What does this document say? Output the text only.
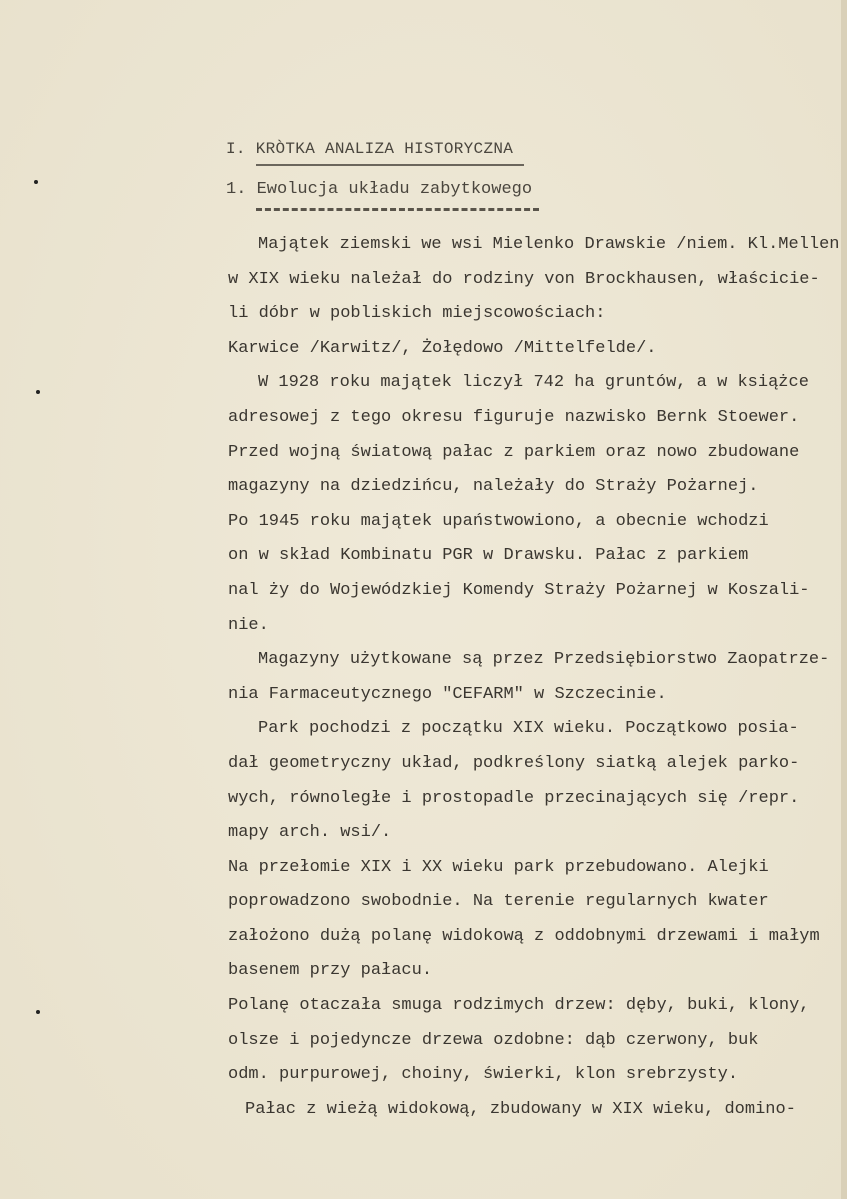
I. KRÒTKA ANALIZA HISTORYCZNA
1. Ewolucja układu zabytkowego
Majątek ziemski we wsi Mielenko Drawskie /niem. Kl.Mellen
w XIX wieku należał do rodziny von Brockhausen, właścicie-
li dóbr w pobliskich miejscowościach:
Karwice /Karwitz/, Żołędowo /Mittelfelde/.
W 1928 roku majątek liczył 742 ha gruntów, a w książce
adresowej z tego okresu figuruje nazwisko Bernk Stoewer.
Przed wojną światową pałac z parkiem oraz nowo zbudowane
magazyny na dziedzińcu, należały do Straży Pożarnej.
Po 1945 roku majątek upaństwowiono, a obecnie wchodzi
on w skład Kombinatu PGR w Drawsku. Pałac z parkiem
nal ży do Wojewódzkiej Komendy Straży Pożarnej w Koszali-
nie.
Magazyny użytkowane są przez Przedsiębiorstwo Zaopatrze-
nia Farmaceutycznego "CEFARM" w Szczecinie.
Park pochodzi z początku XIX wieku. Początkowo posia-
dał geometryczny układ, podkreślony siatką alejek parko-
wych, równoległe i prostopadle przecinających się /repr.
mapy arch. wsi/.
Na przełomie XIX i XX wieku park przebudowano. Alejki
poprowadzono swobodnie. Na terenie regularnych kwater
założono dużą polanę widokową z oddobnymi drzewami i małym
basenem przy pałacu.
Polanę otaczała smuga rodzimych drzew: dęby, buki, klony,
olsze i pojedyncze drzewa ozdobne: dąb czerwony, buk
odm. purpurowej, choiny, świerki, klon srebrzysty.
Pałac z wieżą widokową, zbudowany w XIX wieku, domino-
